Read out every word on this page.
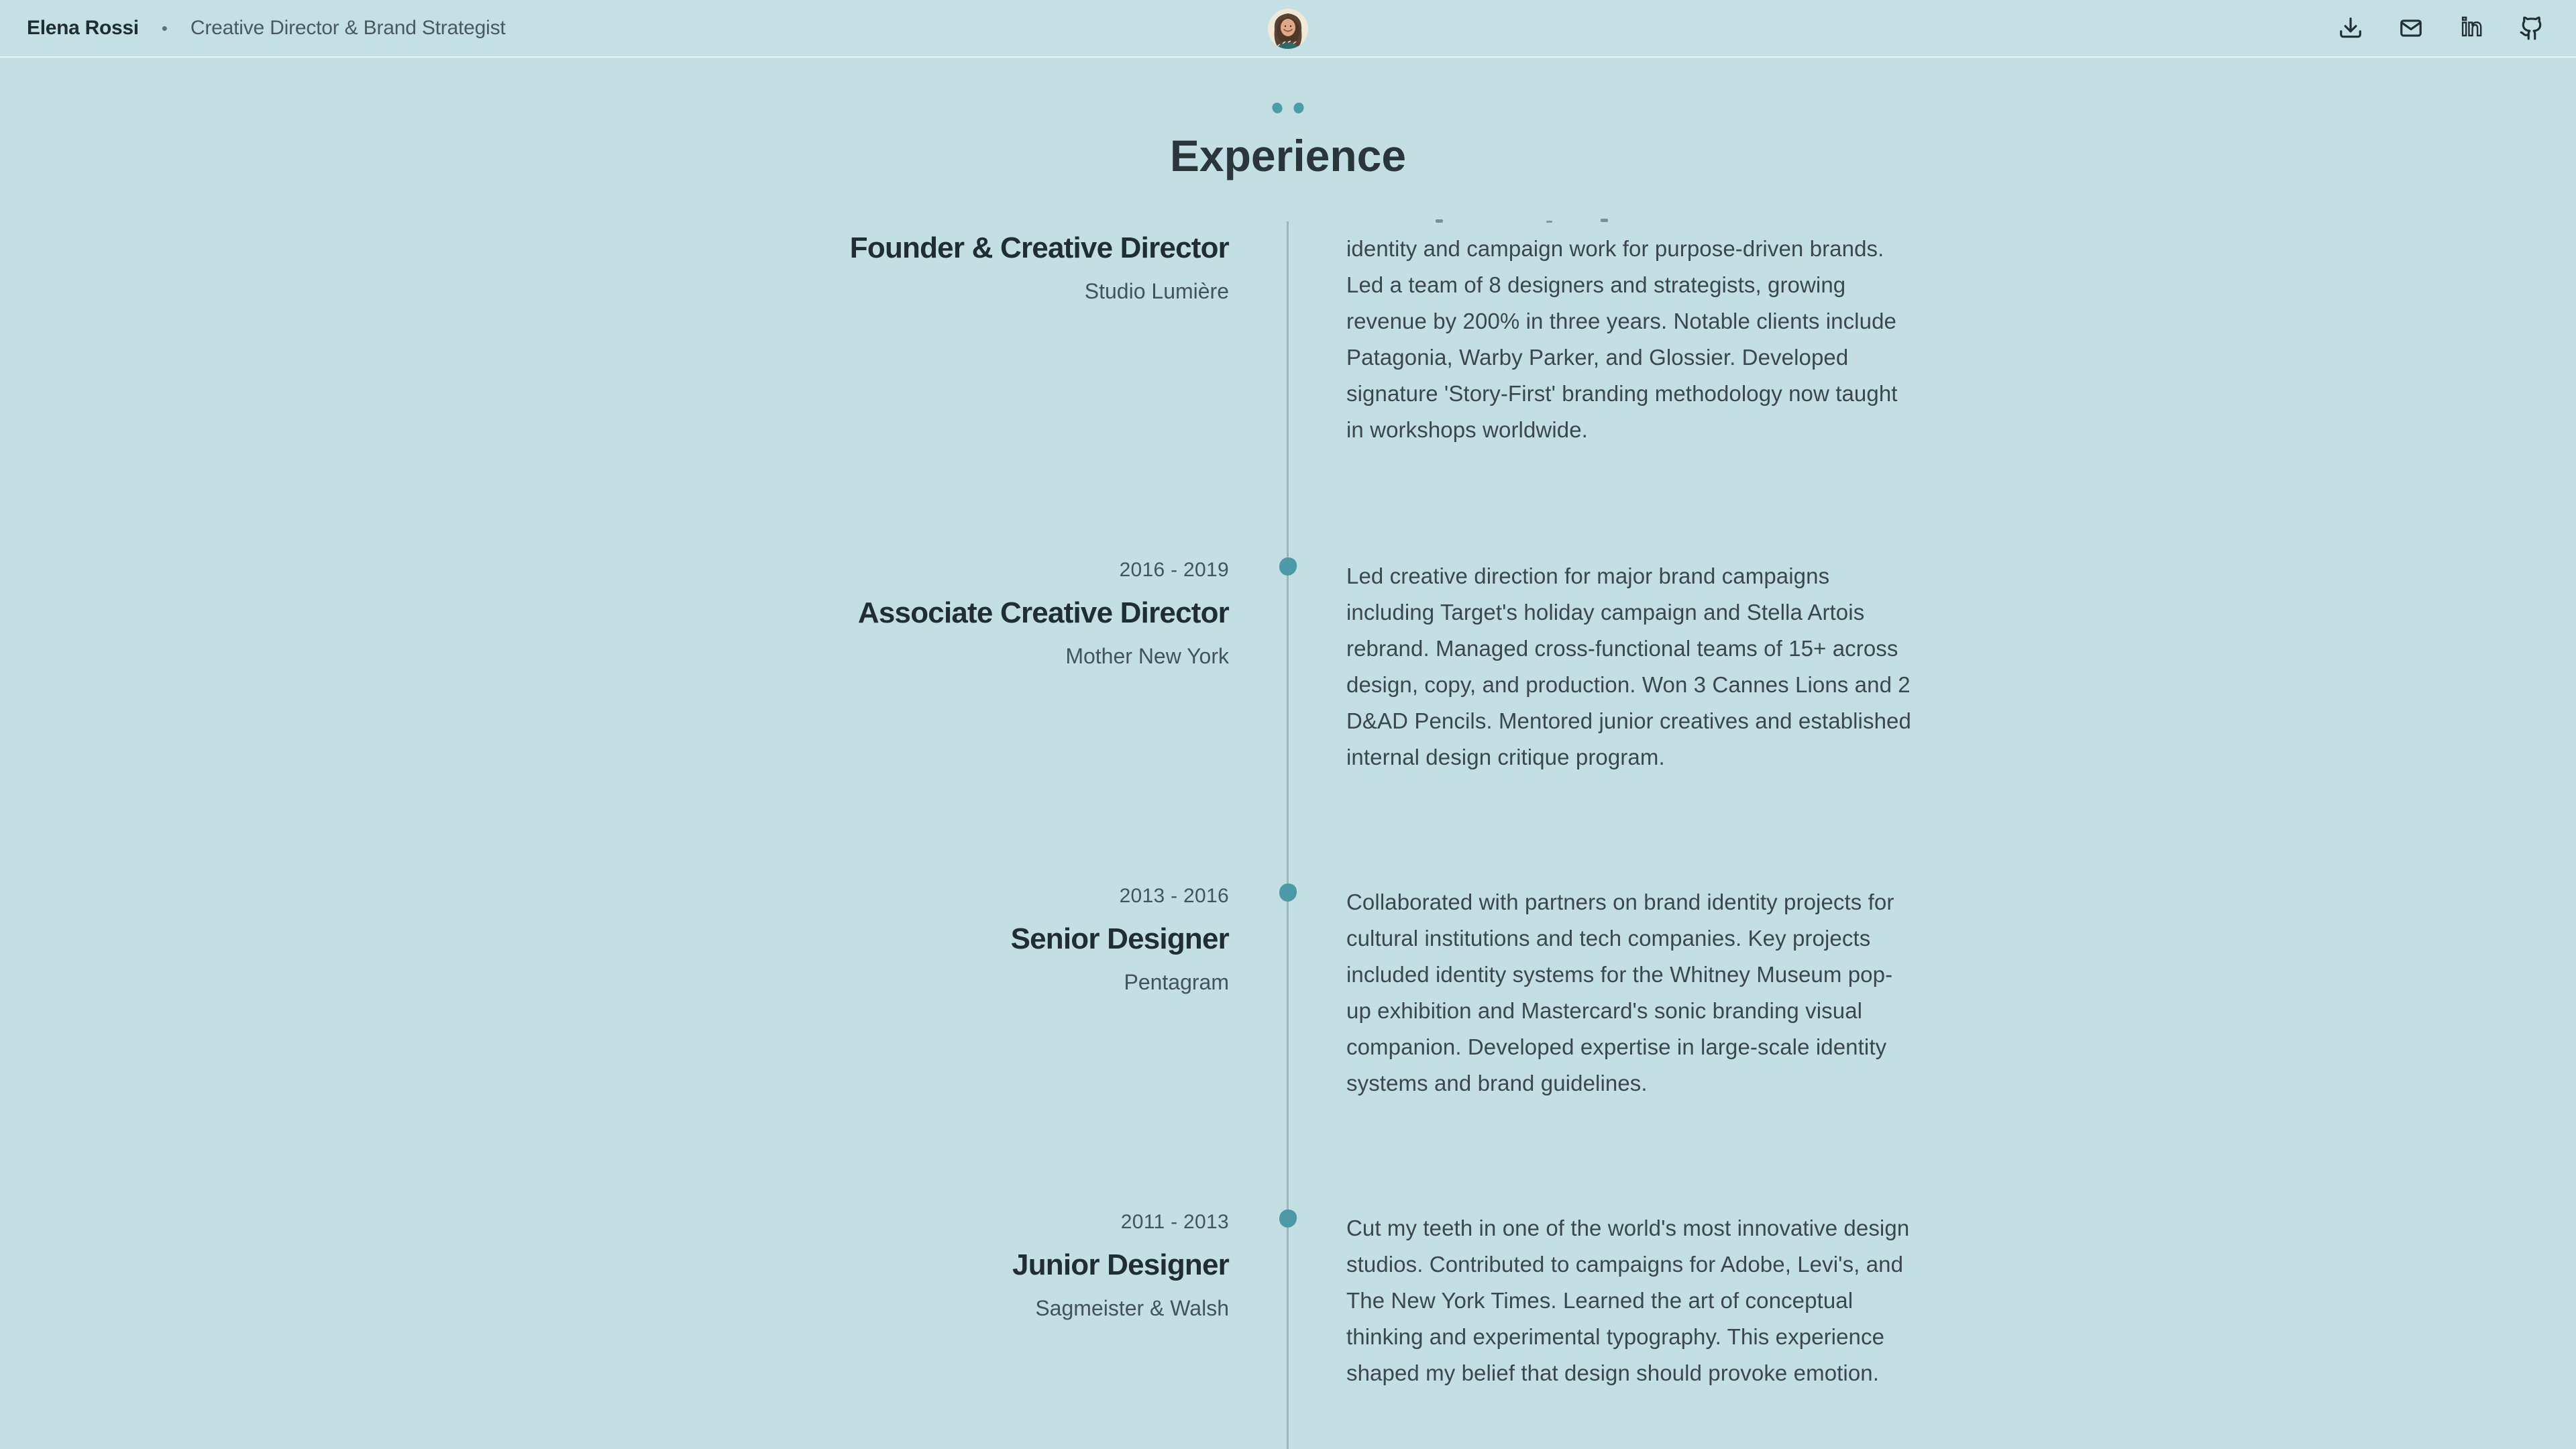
Elena Rossi • Creative Director & Brand Strategist	in
Experience
Founder & Creative Director
Studio Lumière

identity and campaign work for purpose-driven brands. Led a team of 8 designers and strategists, growing revenue by 200% in three years. Notable clients include Patagonia, Warby Parker, and Glossier. Developed signature 'Story-First' branding methodology now taught in workshops worldwide.

2016 - 2019
Associate Creative Director
Mother New York

Led creative direction for major brand campaigns including Target's holiday campaign and Stella Artois rebrand. Managed cross-functional teams of 15+ across design, copy, and production. Won 3 Cannes Lions and 2 D&AD Pencils. Mentored junior creatives and established internal design critique program.

2013 - 2016
Senior Designer
Pentagram

Collaborated with partners on brand identity projects for cultural institutions and tech companies. Key projects included identity systems for the Whitney Museum pop-up exhibition and Mastercard's sonic branding visual companion. Developed expertise in large-scale identity systems and brand guidelines.

2011 - 2013
Junior Designer
Sagmeister & Walsh

Cut my teeth in one of the world's most innovative design studios. Contributed to campaigns for Adobe, Levi's, and The New York Times. Learned the art of conceptual thinking and experimental typography. This experience shaped my belief that design should provoke emotion.
